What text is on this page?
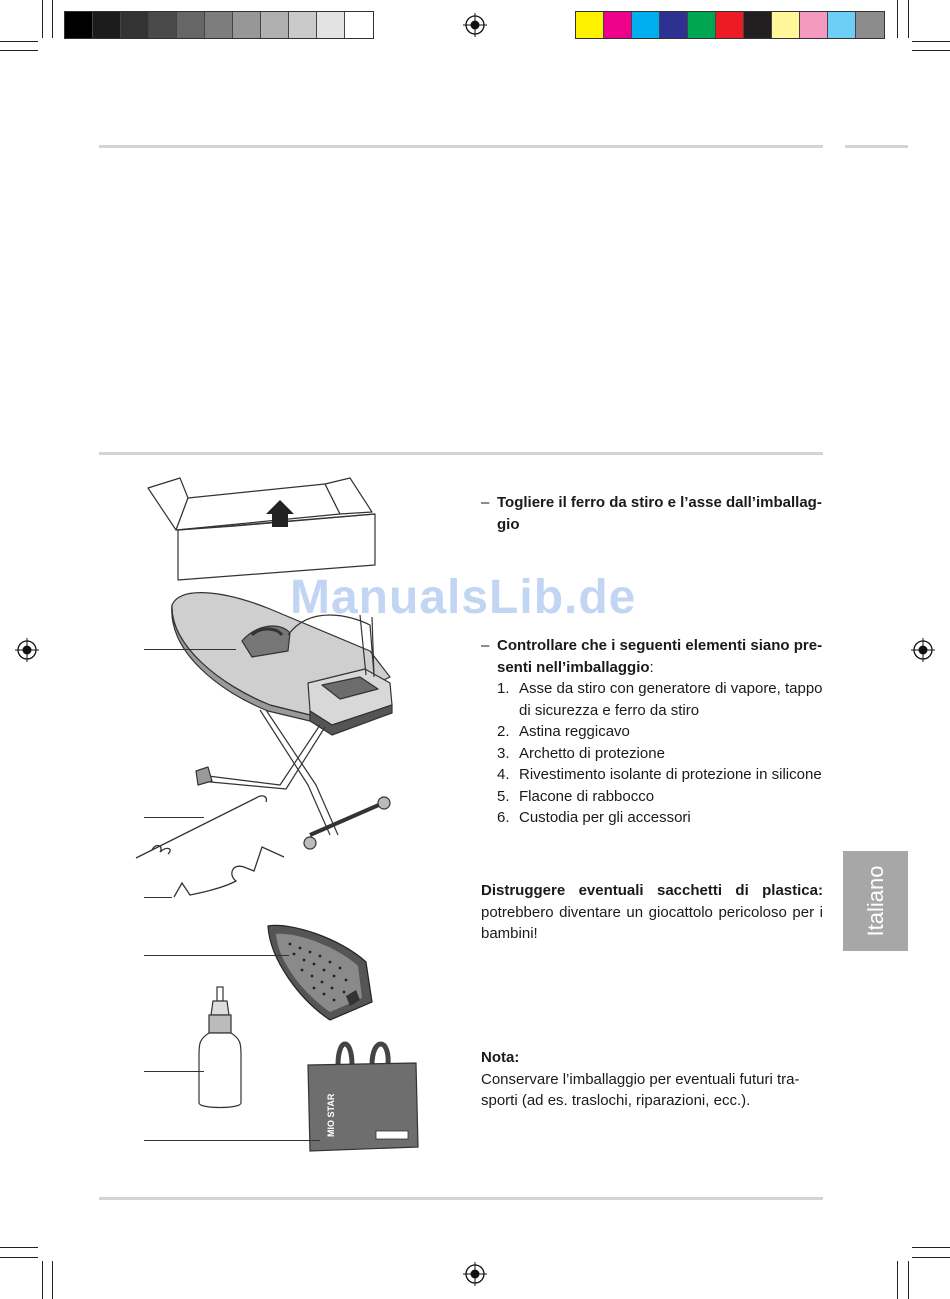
MIO STAR
ManualsLib.de
– Togliere il ferro da stiro e l’asse dall’imballag-gio
– Controllare che i seguenti elementi siano pre-senti nell’imballaggio:
1. Asse da stiro con generatore di vapore, tappo di sicurezza e ferro da stiro
2. Astina reggicavo
3. Archetto di protezione
4. Rivestimento isolante di protezione in silicone
5. Flacone di rabbocco
6. Custodia per gli accessori
Distruggere eventuali sacchetti di plastica: potrebbero diventare un giocattolo pericoloso per i bambini!
Nota:
Conservare l’imballaggio per eventuali futuri tra-sporti (ad es. traslochi, riparazioni, ecc.).
Italiano
